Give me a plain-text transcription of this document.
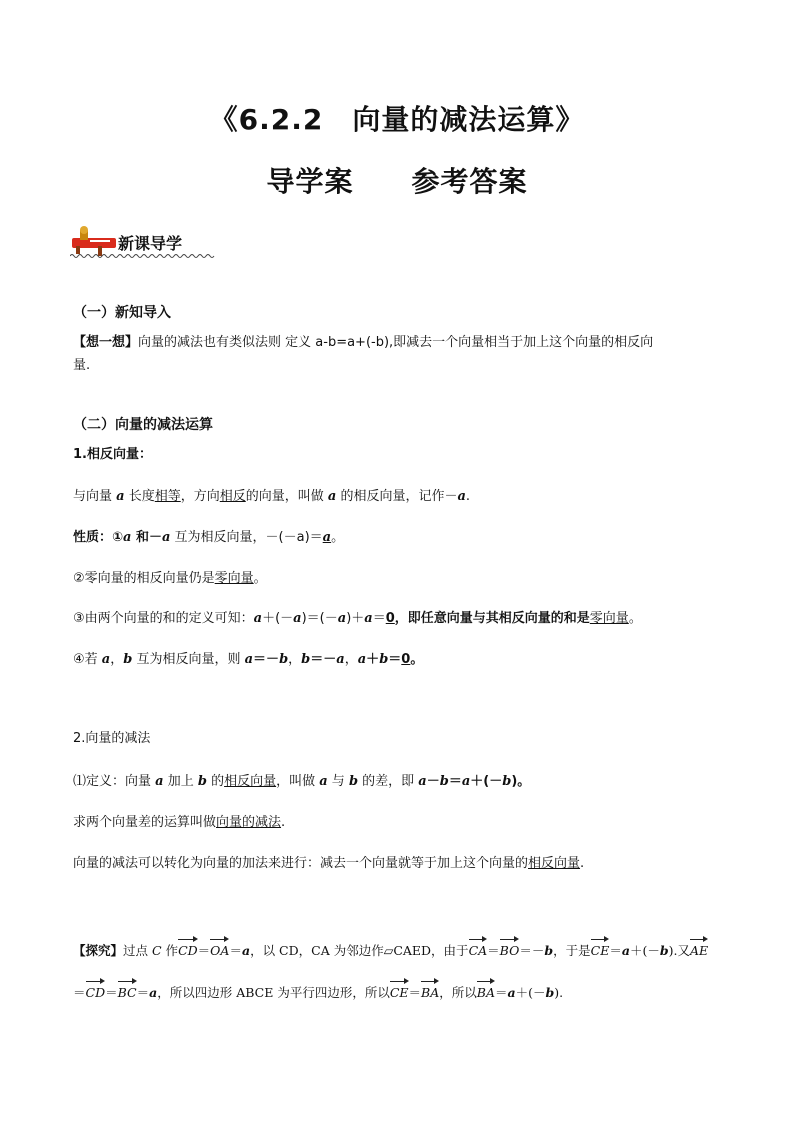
《6.2.2　向量的减法运算》
导学案　　参考答案
新课导学
（一）新知导入
【想一想】向量的减法也有类似法则 定义 a-b=a+(-b),即减去一个向量相当于加上这个向量的相反向
量.
（二）向量的减法运算
1.相反向量：
与向量 a 长度相等，方向相反的向量，叫做 a 的相反向量，记作－a.
性质：①a 和－a 互为相反向量，－(－a)＝a。
②零向量的相反向量仍是零向量。
③由两个向量的和的定义可知：a＋(－a)＝(－a)＋a＝0，即任意向量与其相反向量的和是零向量。
④若 a，b 互为相反向量，则 a＝－b，b＝－a，a＋b＝0。
2.向量的减法
⑴定义：向量 a 加上 b 的相反向量，叫做 a 与 b 的差，即 a－b＝a＋(－b)。
求两个向量差的运算叫做向量的减法.
向量的减法可以转化为向量的加法来进行：减去一个向量就等于加上这个向量的相反向量.
【探究】过点 C 作CD＝OA＝a，以 CD，CA 为邻边作▱CAED，由于CA＝BO＝－b，于是CE＝a＋(－b).又AE
＝CD＝BC＝a，所以四边形 ABCE 为平行四边形，所以CE＝BA，所以BA＝a＋(－b).
